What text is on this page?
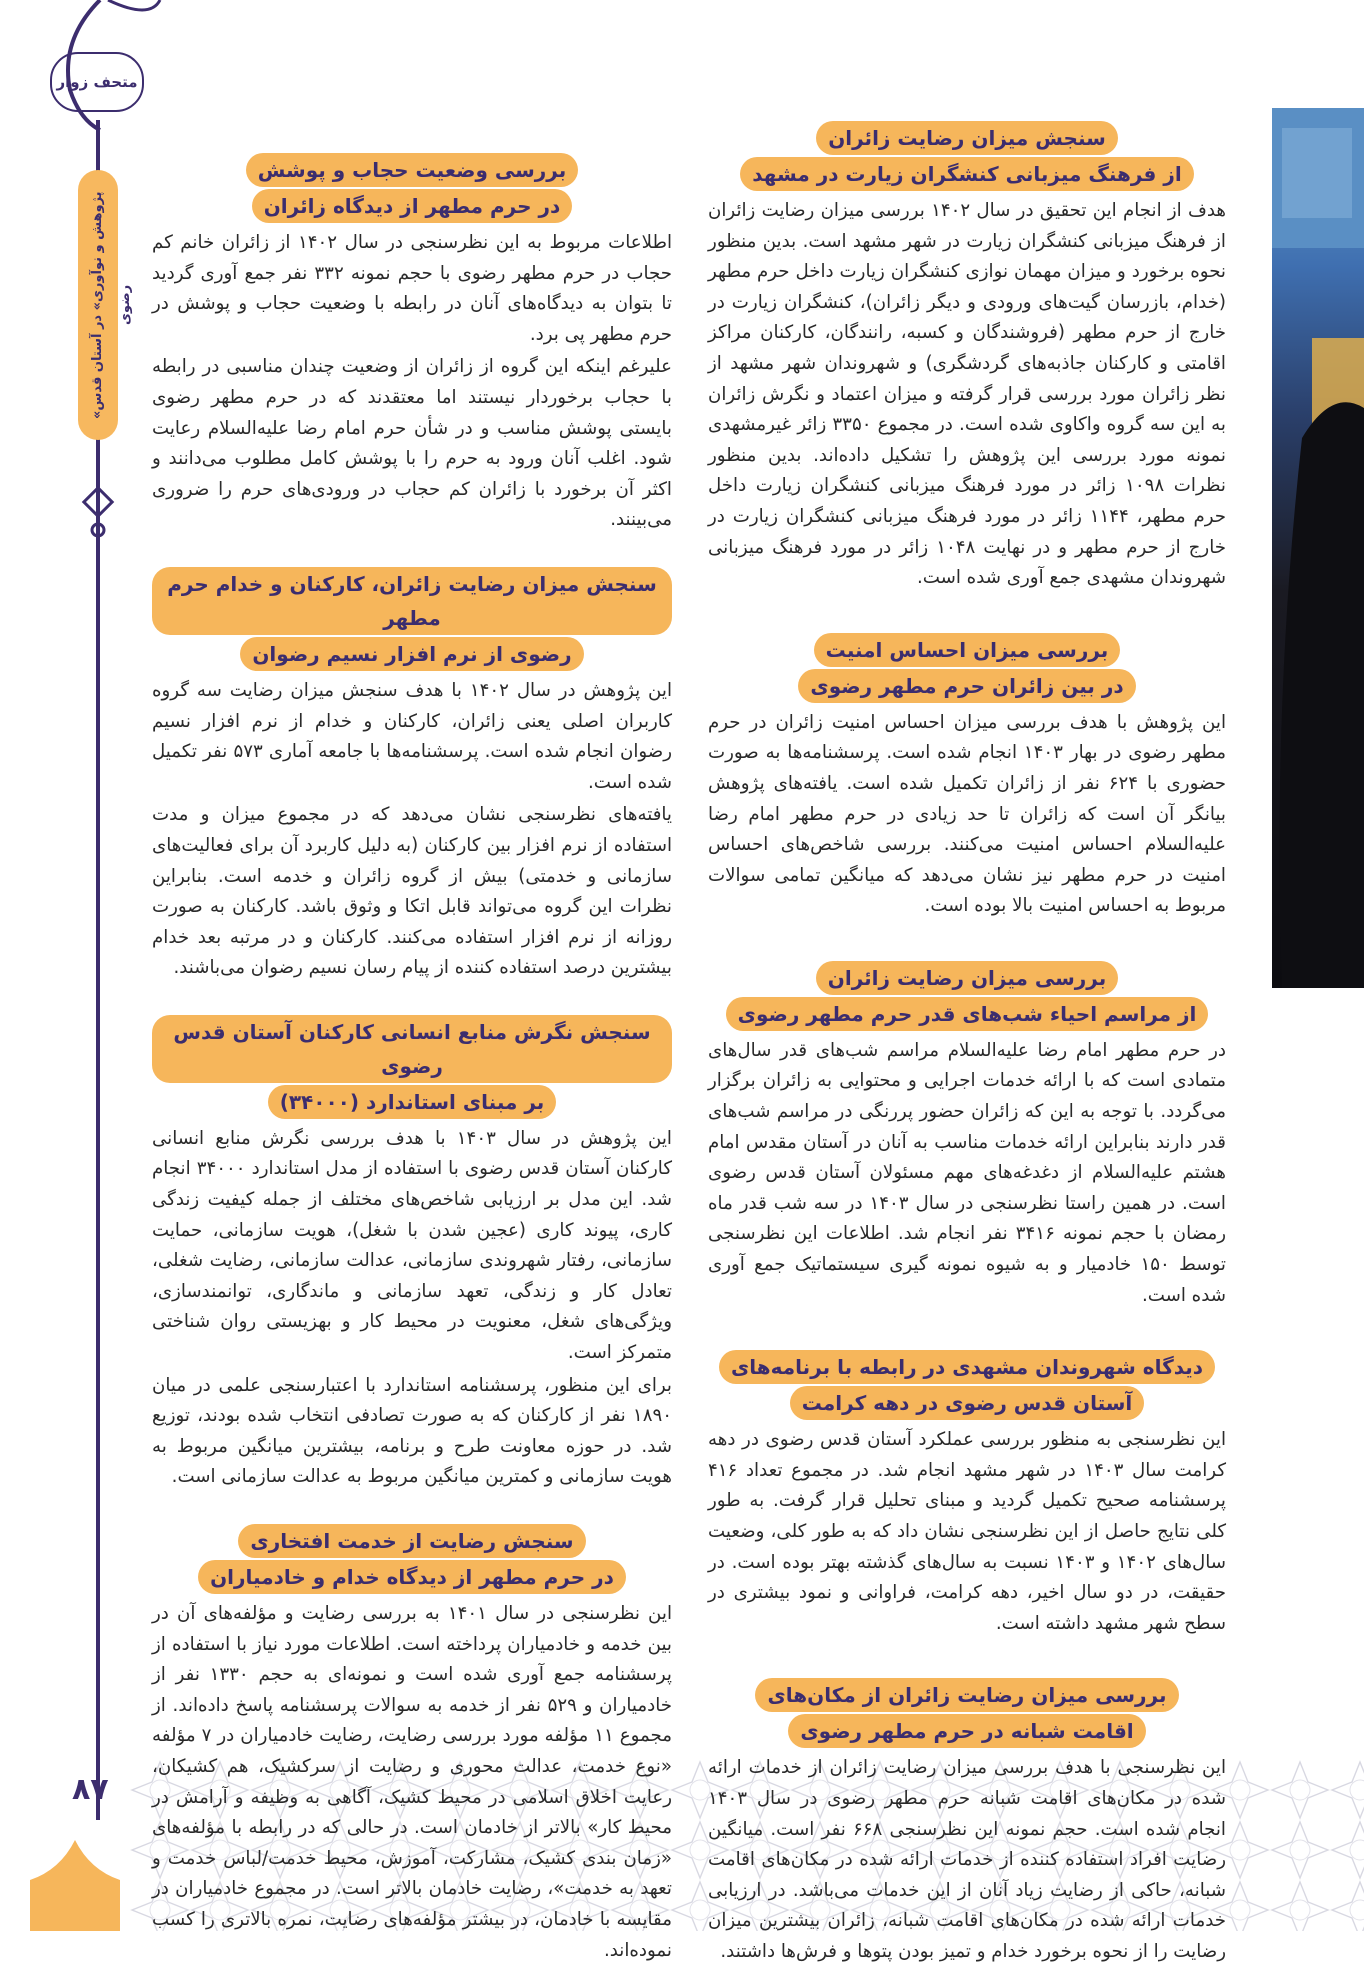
متحف زوار
«پژوهش و نوآوری» در آستان قدس رضوی
۸۷
سنجش میزان رضایت زائران
از فرهنگ میزبانی کنشگران زیارت در مشهد

هدف از انجام این تحقیق در سال ۱۴۰۲ بررسی میزان رضایت زائران از فرهنگ میزبانی کنشگران زیارت در شهر مشهد است. بدین منظور نحوه برخورد و میزان مهمان نوازی کنشگران زیارت داخل حرم مطهر (خدام، بازرسان گیت‌های ورودی و دیگر زائران)، کنشگران زیارت در خارج از حرم مطهر (فروشندگان و کسبه، رانندگان، کارکنان مراکز اقامتی و کارکنان جاذبه‌های گردشگری) و شهروندان شهر مشهد از نظر زائران مورد بررسی قرار گرفته و میزان اعتماد و نگرش زائران به این سه گروه واکاوی شده است. در مجموع ۳۳۵۰ زائر غیرمشهدی نمونه مورد بررسی این پژوهش را تشکیل داده‌اند. بدین منظور نظرات ۱۰۹۸ زائر در مورد فرهنگ میزبانی کنشگران زیارت داخل حرم مطهر، ۱۱۴۴ زائر در مورد فرهنگ میزبانی کنشگران زیارت در خارج از حرم مطهر و در نهایت ۱۰۴۸ زائر در مورد فرهنگ میزبانی شهروندان مشهدی جمع آوری شده است.

بررسی میزان احساس امنیت
در بین زائران حرم مطهر رضوی

این پژوهش با هدف بررسی میزان احساس امنیت زائران در حرم مطهر رضوی در بهار ۱۴۰۳ انجام شده است. پرسشنامه‌ها به صورت حضوری با ۶۲۴ نفر از زائران تکمیل شده است. یافته‌های پژوهش بیانگر آن است که زائران تا حد زیادی در حرم مطهر امام رضا علیه‌السلام احساس امنیت می‌کنند. بررسی شاخص‌های احساس امنیت در حرم مطهر نیز نشان می‌دهد که میانگین تمامی سوالات مربوط به احساس امنیت بالا بوده است.

بررسی میزان رضایت زائران
از مراسم احیاء شب‌های قدر حرم مطهر رضوی

در حرم مطهر امام رضا علیه‌السلام مراسم شب‌های قدر سال‌های متمادی است که با ارائه خدمات اجرایی و محتوایی به زائران برگزار می‌گردد. با توجه به این که زائران حضور پررنگی در مراسم شب‌های قدر دارند بنابراین ارائه خدمات مناسب به آنان در آستان مقدس امام هشتم علیه‌السلام از دغدغه‌های مهم مسئولان آستان قدس رضوی است. در همین راستا نظرسنجی در سال ۱۴۰۳ در سه شب قدر ماه رمضان با حجم نمونه ۳۴۱۶ نفر انجام شد. اطلاعات این نظرسنجی توسط ۱۵۰ خادمیار و به شیوه نمونه گیری سیستماتیک جمع آوری شده است.

دیدگاه شهروندان مشهدی در رابطه با برنامه‌های
آستان قدس رضوی در دهه کرامت

این نظرسنجی به منظور بررسی عملکرد آستان قدس رضوی در دهه کرامت سال ۱۴۰۳ در شهر مشهد انجام شد. در مجموع تعداد ۴۱۶ پرسشنامه صحیح تکمیل گردید و مبنای تحلیل قرار گرفت. به طور کلی نتایج حاصل از این نظرسنجی نشان داد که به طور کلی، وضعیت سال‌های ۱۴۰۲ و ۱۴۰۳ نسبت به سال‌های گذشته بهتر بوده است. در حقیقت، در دو سال اخیر، دهه کرامت، فراوانی و نمود بیشتری در سطح شهر مشهد داشته است.

بررسی میزان رضایت زائران از مکان‌های
اقامت شبانه در حرم مطهر رضوی

این نظرسنجی با هدف بررسی میزان رضایت زائران از خدمات ارائه شده در مکان‌های اقامت شبانه حرم مطهر رضوی در سال ۱۴۰۳ انجام شده است. حجم نمونه این نظرسنجی ۶۶۸ نفر است. میانگین رضایت افراد استفاده کننده از خدمات ارائه شده در مکان‌های اقامت شبانه، حاکی از رضایت زیاد آنان از این خدمات می‌باشد. در ارزیابی خدمات ارائه شده در مکان‌های اقامت شبانه، زائران بیشترین میزان رضایت را از نحوه برخورد خدام و تمیز بودن پتوها و فرش‌ها داشتند.

بررسی وضعیت حجاب و پوشش
در حرم مطهر از دیدگاه زائران

اطلاعات مربوط به این نظرسنجی در سال ۱۴۰۲ از زائران خانم کم حجاب در حرم مطهر رضوی با حجم نمونه ۳۳۲ نفر جمع آوری گردید تا بتوان به دیدگاه‌های آنان در رابطه با وضعیت حجاب و پوشش در حرم مطهر پی برد.

علیرغم اینکه این گروه از زائران از وضعیت چندان مناسبی در رابطه با حجاب برخوردار نیستند اما معتقدند که در حرم مطهر رضوی بایستی پوشش مناسب و در شأن حرم امام رضا علیه‌السلام رعایت شود. اغلب آنان ورود به حرم را با پوشش کامل مطلوب می‌دانند و اکثر آن برخورد با زائران کم حجاب در ورودی‌های حرم را ضروری می‌بینند.

سنجش میزان رضایت زائران، کارکنان و خدام حرم مطهر
رضوی از نرم افزار نسیم رضوان

این پژوهش در سال ۱۴۰۲ با هدف سنجش میزان رضایت سه گروه کاربران اصلی یعنی زائران، کارکنان و خدام از نرم افزار نسیم رضوان انجام شده است. پرسشنامه‌ها با جامعه آماری ۵۷۳ نفر تکمیل شده است.

یافته‌های نظرسنجی نشان می‌دهد که در مجموع میزان و مدت استفاده از نرم افزار بین کارکنان (به دلیل کاربرد آن برای فعالیت‌های سازمانی و خدمتی) بیش از گروه زائران و خدمه است. بنابراین نظرات این گروه می‌تواند قابل اتکا و وثوق باشد. کارکنان به صورت روزانه از نرم افزار استفاده می‌کنند. کارکنان و در مرتبه بعد خدام بیشترین درصد استفاده کننده از پیام رسان نسیم رضوان می‌باشند.

سنجش نگرش منابع انسانی کارکنان آستان قدس رضوی
بر مبنای استاندارد (۳۴۰۰۰)

این پژوهش در سال ۱۴۰۳ با هدف بررسی نگرش منابع انسانی کارکنان آستان قدس رضوی با استفاده از مدل استاندارد ۳۴۰۰۰ انجام شد. این مدل بر ارزیابی شاخص‌های مختلف از جمله کیفیت زندگی کاری، پیوند کاری (عجین شدن با شغل)، هویت سازمانی، حمایت سازمانی، رفتار شهروندی سازمانی، عدالت سازمانی، رضایت شغلی، تعادل کار و زندگی، تعهد سازمانی و ماندگاری، توانمندسازی، ویژگی‌های شغل، معنویت در محیط کار و بهزیستی روان شناختی متمرکز است.

برای این منظور، پرسشنامه استاندارد با اعتبارسنجی علمی در میان ۱۸۹۰ نفر از کارکنان که به صورت تصادفی انتخاب شده بودند، توزیع شد. در حوزه معاونت طرح و برنامه، بیشترین میانگین مربوط به هویت سازمانی و کمترین میانگین مربوط به عدالت سازمانی است.

سنجش رضایت از خدمت افتخاری
در حرم مطهر از دیدگاه خدام و خادمیاران

این نظرسنجی در سال ۱۴۰۱ به بررسی رضایت و مؤلفه‌های آن در بین خدمه و خادمیاران پرداخته است. اطلاعات مورد نیاز با استفاده از پرسشنامه جمع آوری شده است و نمونه‌ای به حجم ۱۳۳۰ نفر از خادمیاران و ۵۲۹ نفر از خدمه به سوالات پرسشنامه پاسخ داده‌اند. از مجموع ۱۱ مؤلفه مورد بررسی رضایت، رضایت خادمیاران در ۷ مؤلفه «نوع خدمت، عدالت محوری و رضایت از سرکشیک، هم کشیکان، رعایت اخلاق اسلامی در محیط کشیک، آگاهی به وظیفه و آرامش در محیط کار» بالاتر از خادمان است. در حالی که در رابطه با مؤلفه‌های «زمان بندی کشیک، مشارکت، آموزش، محیط خدمت/لباس خدمت و تعهد به خدمت»، رضایت خادمان بالاتر است. در مجموع خادمیاران در مقایسه با خادمان، در بیشتر مؤلفه‌های رضایت، نمره بالاتری را کسب نموده‌اند.
